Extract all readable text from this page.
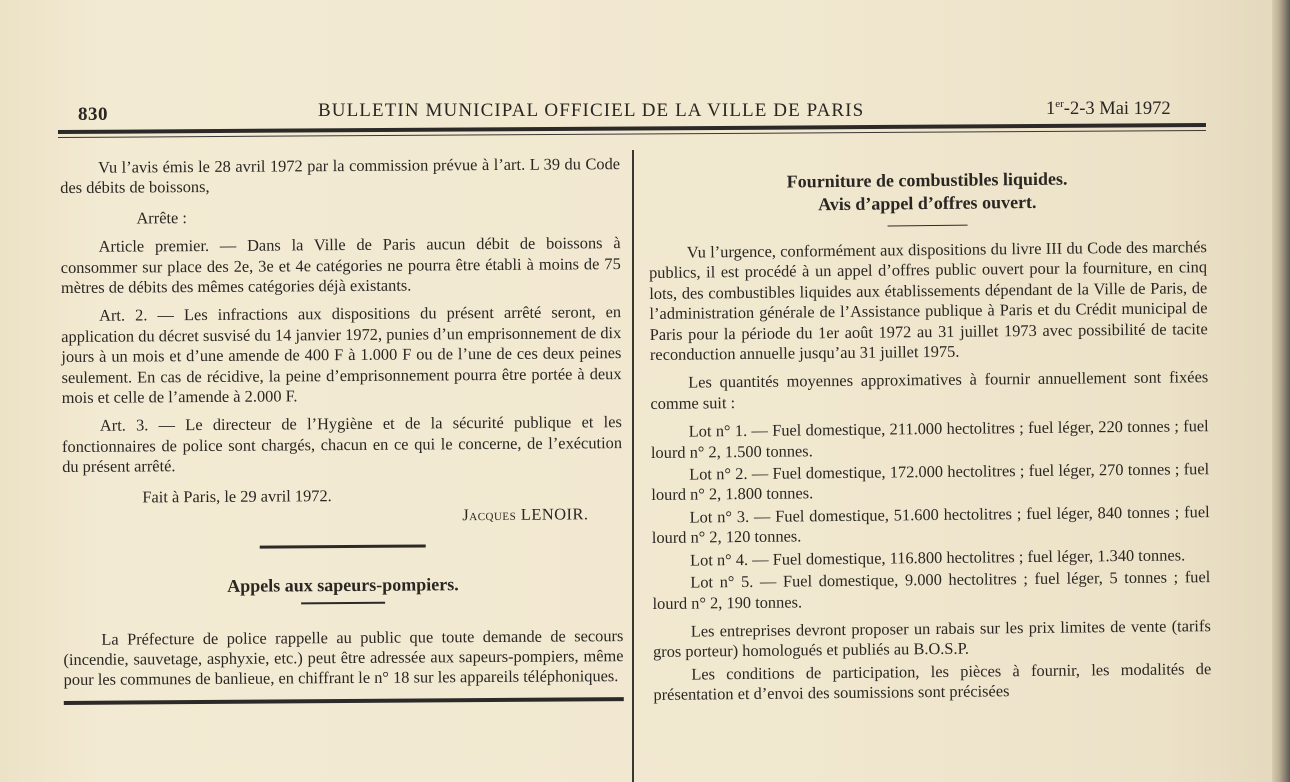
830	BULLETIN MUNICIPAL OFFICIEL DE LA VILLE DE PARIS	1er-2-3 Mai 1972

Vu l’avis émis le 28 avril 1972 par la commission prévue à l’art. L 39 du Code des débits de boissons,

Arrête :

Article premier. — Dans la Ville de Paris aucun débit de boissons à consommer sur place des 2e, 3e et 4e catégories ne pourra être établi à moins de 75 mètres de débits des mêmes catégories déjà existants.

Art. 2. — Les infractions aux dispositions du présent arrêté seront, en application du décret susvisé du 14 janvier 1972, punies d’un emprisonnement de dix jours à un mois et d’une amende de 400 F à 1.000 F ou de l’une de ces deux peines seulement. En cas de récidive, la peine d’emprisonnement pourra être portée à deux mois et celle de l’amende à 2.000 F.

Art. 3. — Le directeur de l’Hygiène et de la sécurité publique et les fonctionnaires de police sont chargés, chacun en ce qui le concerne, de l’exécution du présent arrêté.

Fait à Paris, le 29 avril 1972.

Jacques LENOIR.

Appels aux sapeurs-pompiers.

La Préfecture de police rappelle au public que toute demande de secours (incendie, sauvetage, asphyxie, etc.) peut être adressée aux sapeurs-pompiers, même pour les communes de banlieue, en chiffrant le n° 18 sur les appareils téléphoniques.

Fourniture de combustibles liquides.

Avis d’appel d’offres ouvert.

Vu l’urgence, conformément aux dispositions du livre III du Code des marchés publics, il est procédé à un appel d’offres public ouvert pour la fourniture, en cinq lots, des combustibles liquides aux établissements dépendant de la Ville de Paris, de l’administration générale de l’Assistance publique à Paris et du Crédit municipal de Paris pour la période du 1er août 1972 au 31 juillet 1973 avec possibilité de tacite reconduction annuelle jusqu’au 31 juillet 1975.

Les quantités moyennes approximatives à fournir annuellement sont fixées comme suit :

Lot n° 1. — Fuel domestique, 211.000 hectolitres ; fuel léger, 220 tonnes ; fuel lourd n° 2, 1.500 tonnes.

Lot n° 2. — Fuel domestique, 172.000 hectolitres ; fuel léger, 270 tonnes ; fuel lourd n° 2, 1.800 tonnes.

Lot n° 3. — Fuel domestique, 51.600 hectolitres ; fuel léger, 840 tonnes ; fuel lourd n° 2, 120 tonnes.

Lot n° 4. — Fuel domestique, 116.800 hectolitres ; fuel léger, 1.340 tonnes.

Lot n° 5. — Fuel domestique, 9.000 hectolitres ; fuel léger, 5 tonnes ; fuel lourd n° 2, 190 tonnes.

Les entreprises devront proposer un rabais sur les prix limites de vente (tarifs gros porteur) homologués et publiés au B.O.S.P.

Les conditions de participation, les pièces à fournir, les modalités de présentation et d’envoi des soumissions sont précisées
